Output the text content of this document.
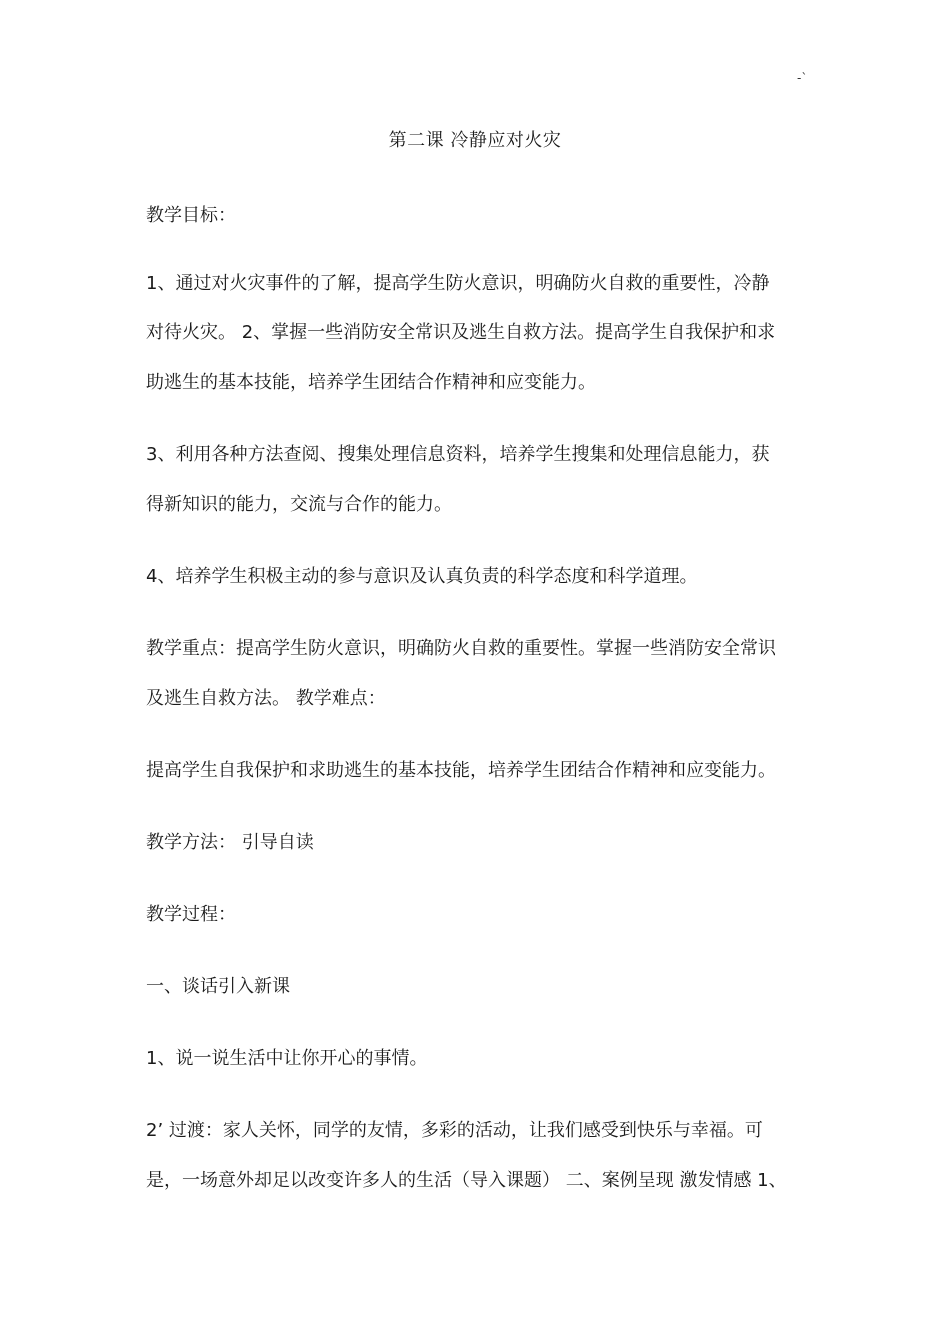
-`
第二课 冷静应对火灾
教学目标：
1、通过对火灾事件的了解，提高学生防火意识，明确防火自救的重要性，冷静
对待火灾。 2、掌握一些消防安全常识及逃生自救方法。提高学生自我保护和求
助逃生的基本技能，培养学生团结合作精神和应变能力。
3、利用各种方法查阅、搜集处理信息资料，培养学生搜集和处理信息能力，获
得新知识的能力，交流与合作的能力。
4、培养学生积极主动的参与意识及认真负责的科学态度和科学道理。
教学重点：提高学生防火意识，明确防火自救的重要性。掌握一些消防安全常识
及逃生自救方法。 教学难点：
提高学生自我保护和求助逃生的基本技能，培养学生团结合作精神和应变能力。
教学方法： 引导自读
教学过程：
一、谈话引入新课
1、说一说生活中让你开心的事情。
2’ 过渡：家人关怀，同学的友情，多彩的活动，让我们感受到快乐与幸福。可
是，一场意外却足以改变许多人的生活（导入课题） 二、案例呈现 激发情感 1、
